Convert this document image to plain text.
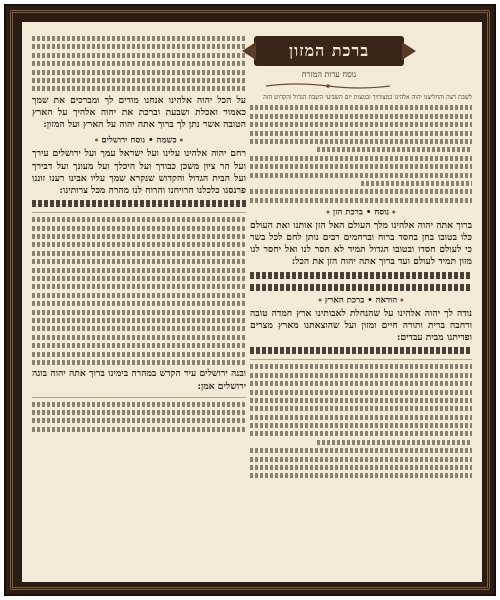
לשבת רצה והחליצנו יהוה אלהינו במצותיך ובמצות יום השביעי השבת הגדול והקדוש הזה
● נוסח • ברכת הזן ●
ברוך אתה יהוה אלהינו מלך העולם האל הזן אותנו ואת העולם כלו בטובו בחן בחסד ברוח וברחמים רבים נותן לחם לכל בשר כי לעולם חסדו ובטובו הגדול תמיד לא חסר לנו ואל יחסר לנו מזון תמיד לעולם ועד ברוך אתה יהוה הזן את הכל:
● הודאה • ברכת הארץ ●
נודה לך יהוה אלהינו על שהנחלת לאבותינו ארץ חמדה טובה ורחבה ברית ותורה חיים ומזון ועל שהוצאתנו מארץ מצרים ופדיתנו מבית עבדים:
על הכל יהוה אלהינו אנחנו מודים לך ומברכים את שמך כאמור ואכלת ושבעת וברכת את יהוה אלהיך על הארץ הטובה אשר נתן לך ברוך אתה יהוה על הארץ ועל המזון:
● כשמה • נוסח ירושלים ●
רחם יהוה אלהינו עלינו ועל ישראל עמך ועל ירושלים עירך ועל הר ציון משכן כבודך ועל היכלך ועל מעונך ועל דבירך ועל הבית הגדול והקדוש שנקרא שמך עליו אבינו רענו זוננו פרנסנו כלכלנו הרויחנו והרוח לנו מהרה מכל צרותינו:
ובנה ירושלים עיר הקדש במהרה בימינו ברוך אתה יהוה בונה ירושלים אמן:
ברכת המזון
נוסח עדות המזרח
